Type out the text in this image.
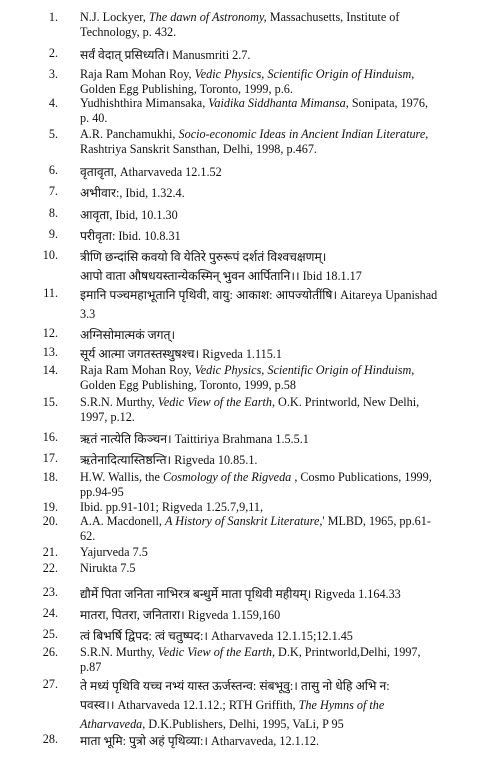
1. N.J. Lockyer, The dawn of Astronomy, Massachusetts, Institute of
Technology, p. 432.
2. सर्वं वेदात् प्रसिध्यति। Manusmriti 2.7.
3. Raja Ram Mohan Roy, Vedic Physics, Scientific Origin of Hinduism,
Golden Egg Publishing, Toronto, 1999, p.6.
4. Yudhishthira Mimansaka, Vaidika Siddhanta Mimansa, Sonipata, 1976,
p. 40.
5. A.R. Panchamukhi, Socio-economic Ideas in Ancient Indian Literature,
Rashtriya Sanskrit Sansthan, Delhi, 1998, p.467.
6. वृतावृता, Atharvaveda 12.1.52
7. अभीवार:, Ibid, 1.32.4.
8. आवृता, Ibid, 10.1.30
9. परीवृता: Ibid. 10.8.31
10. त्रीणि छन्दांसि कवयो वि येतिरे पुरुरूपं दर्शतं विश्वचक्षणम्।
आपो वाता औषधयस्तान्येकस्मिन् भुवन आर्पितानि।। Ibid 18.1.17
11. इमानि पञ्चमहाभूतानि पृथिवी, वायु: आकाश: आपज्योतींषि। Aitareya Upanishad
3.3
12. अग्निसोमात्मकं जगत्।
13. सूर्य आत्मा जगतस्तस्थुषश्च। Rigveda 1.115.1
14. Raja Ram Mohan Roy, Vedic Physics, Scientific Origin of Hinduism,
Golden Egg Publishing, Toronto, 1999, p.58
15. S.R.N. Murthy, Vedic View of the Earth, O.K. Printworld, New Delhi,
1997, p.12.
16. ऋतं नात्येति किञ्चन। Taittiriya Brahmana 1.5.5.1
17. ऋतेनादित्यास्तिष्ठन्ति। Rigveda 10.85.1.
18. H.W. Wallis, the Cosmology of the Rigveda , Cosmo Publications, 1999,
pp.94-95
19. Ibid. pp.91-101; Rigveda 1.25.7,9,11,
20. A.A. Macdonell, A History of Sanskrit Literature,' MLBD, 1965, pp.61-
62.
21. Yajurveda 7.5
22. Nirukta 7.5
23. द्यौर्मे पिता जनिता नाभिरत्र बन्धुर्मे माता पृथिवी महीयम्। Rigveda 1.164.33
24. मातरा, पितरा, जनितारा। Rigveda 1.159,160
25. त्वं बिभर्षि द्विपद: त्वं चतुष्पद:। Atharvaveda 12.1.15;12.1.45
26. S.R.N. Murthy, Vedic View of the Earth, D.K, Printworld,Delhi, 1997,
p.87
27. ते मध्यं पृथिवि यच्च नभ्यं यास्त ऊर्जस्तन्व: संबभूवु:। तासु नो धेहि अभि न:
पवस्व।। Atharvaveda 12.1.12.; RTH Griffith, The Hymns of the
Atharvaveda, D.K.Publishers, Delhi, 1995, VaLi, P 95
28. माता भूमि: पुत्रो अहं पृथिव्या:। Atharvaveda, 12.1.12.
